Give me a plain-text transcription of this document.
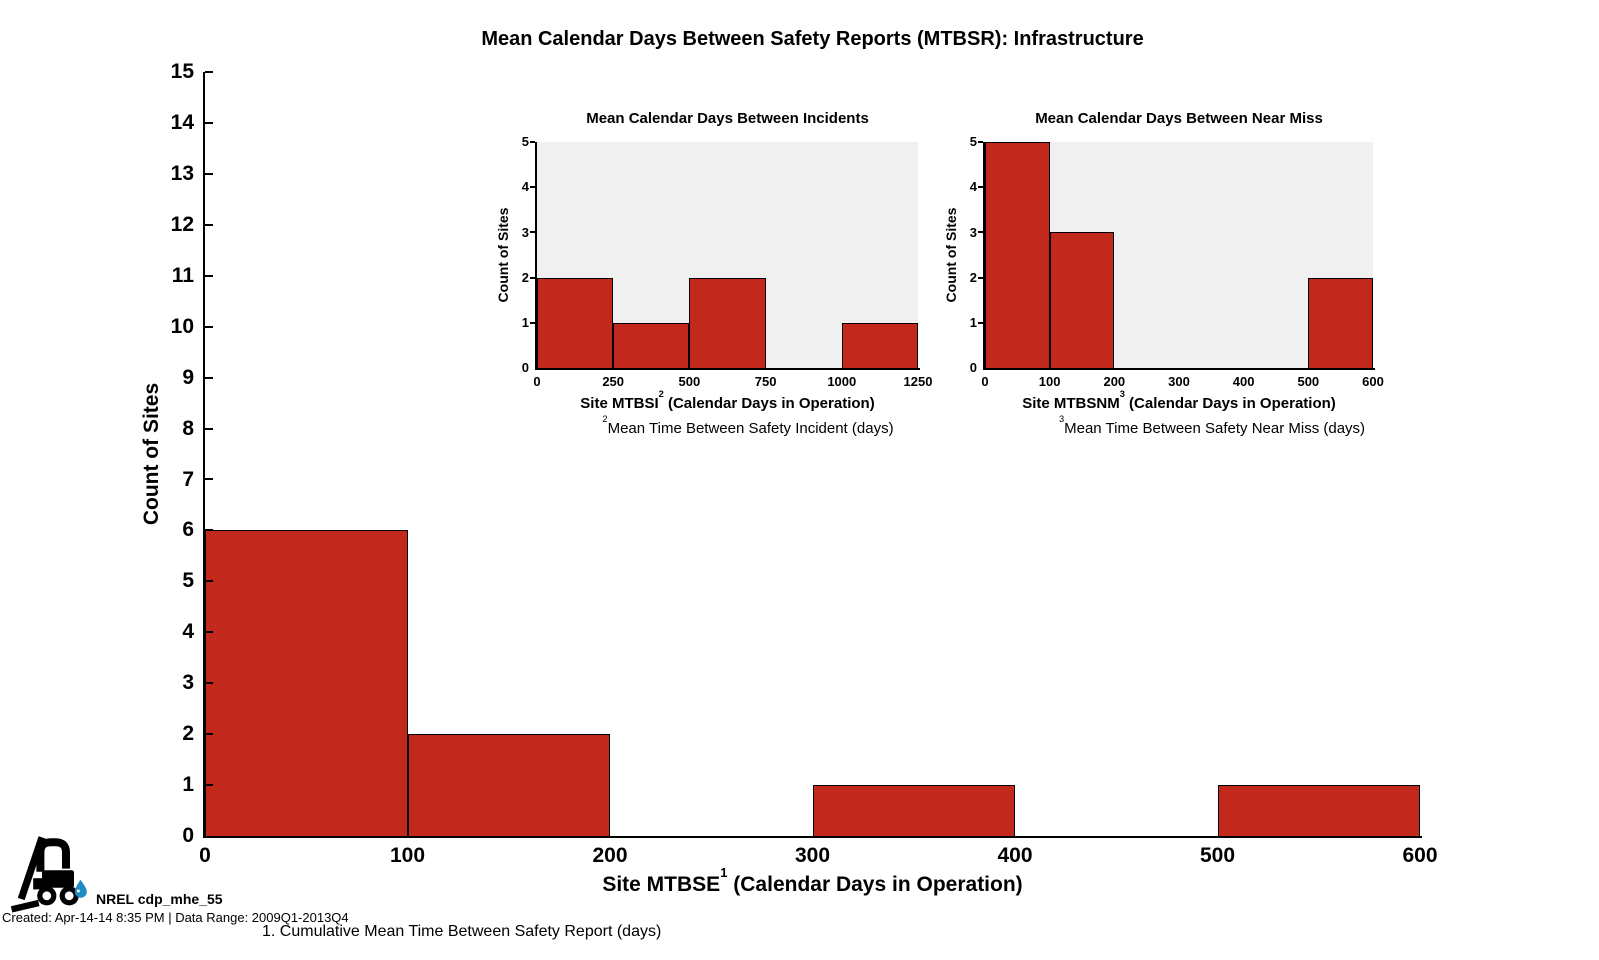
Mean Calendar Days Between Safety Reports (MTBSR): Infrastructure
Count of Sites
Site MTBSE$^1$ (Calendar Days in Operation)
1. Cumulative Mean Time Between Safety Report (days)
Mean Calendar Days Between Incidents
Count of Sites
Site MTBSI$^2$ (Calendar Days in Operation)
$^2$Mean Time Between Safety Incident (days)
Mean Calendar Days Between Near Miss
Count of Sites
Site MTBSNM$^3$ (Calendar Days in Operation)
$^3$Mean Time Between Safety Near Miss (days)
NREL cdp_mhe_55
Created: Apr-14-14 8:35 PM | Data Range: 2009Q1-2013Q4
0
1
2
3
4
5
6
7
8
9
10
11
12
13
14
15
0	100	200	300	400	500	600
0
1
2
3
4
5
0	250	500	750	1000	1250
0
1
2
3
4
5
0	100	200	300	400	500	600
